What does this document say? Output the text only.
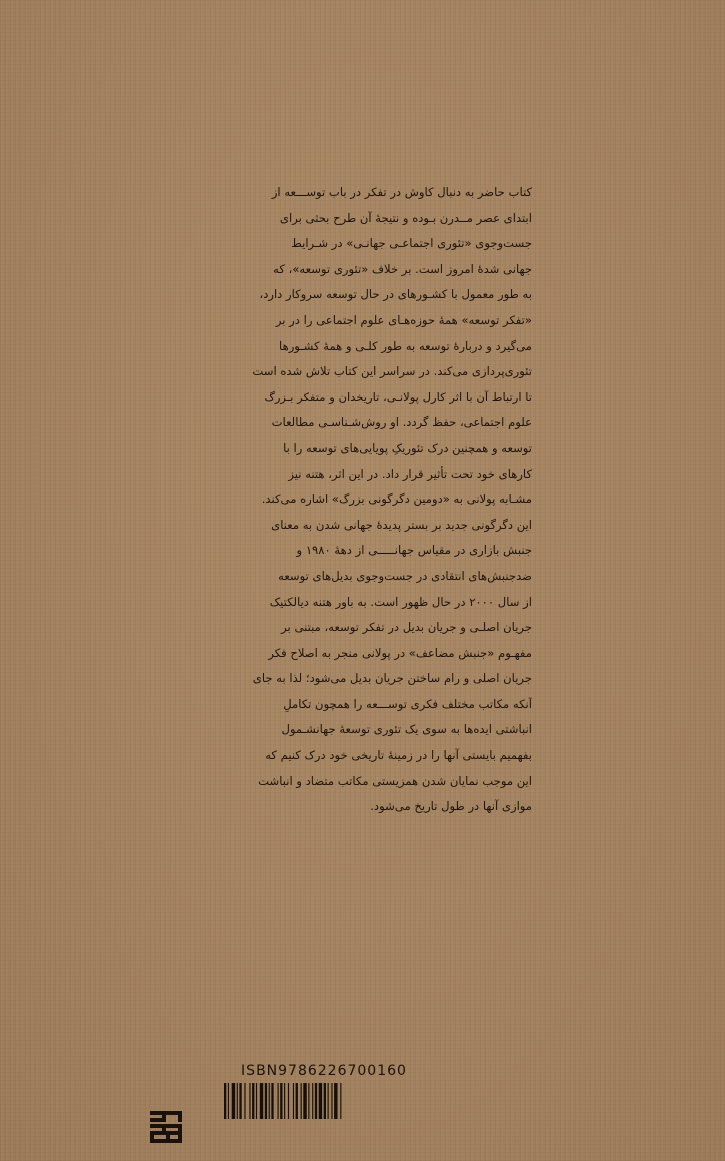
کتاب حاضر به دنبال کاوش در تفکر در باب توســـعه از
ابتدای عصر مــدرن بـوده و نتیجهٔ آن طرح بحثی برای
جست‌وجوی «تئوری اجتماعـی جهانـی» در شـرایط
جهانی شدهٔ امروز است. بر خلاف «تئوری توسعه»، که
به طور معمول با کشـورهای در حال توسعه سروکار دارد،
«تفکر توسعه» همهٔ حوزه‌هـای علوم اجتماعی را در بر
می‌گیرد و دربارهٔ توسعه به طور کلـی و همهٔ کشـورها
تئوری‌پردازی می‌کند. در سراسر این کتاب تلاش شده است
تا ارتباط آن با اثر کارل پولانـی، تاریخدان و متفکر بـزرگ
علوم اجتماعی، حفظ گردد. او روش‌شـناسـی مطالعات
توسعه و همچنین درک تئوریکِ پویایی‌های توسعه را با
کارهای خود تحت تأثیر قرار داد. در این اثر، هتنه نیز
مشـابه پولانی به «دومین دگرگونی بزرگ» اشاره می‌کند.
این دگرگونی جدید بر بستر پدیدهٔ جهانی شدن به معنای
جنبش بازاری در مقیاس جهانـــــی از دههٔ ۱۹۸۰ و
ضدجنبش‌های انتقادی در جست‌وجوی بدیل‌های توسعه
از سال ۲۰۰۰ در حال ظهور است. به باور هتنه دیالکتیک
جریان اصلـی و جریان بدیل در تفکر توسعه، مبتنی بر
مفهـوم «جنبش مضاعف» در پولانی منجر به اصلاح فکر
جریان اصلی و رام ساختن جریان بدیل می‌شود؛ لذا به جای
آنکه مکاتب مختلف فکری توســـعه را همچون تکاملِ
انباشتی ایده‌ها به سوی یک تئوری توسعهٔ جهانشـمول
بفهمیم بایستی آنها را در زمینهٔ تاریخی خود درک کنیم که
این موجب نمایان شدن همزیستی مکاتب متضاد و انباشت
موازی آنها در طول تاریخ می‌شود.
ISBN9786226700160
